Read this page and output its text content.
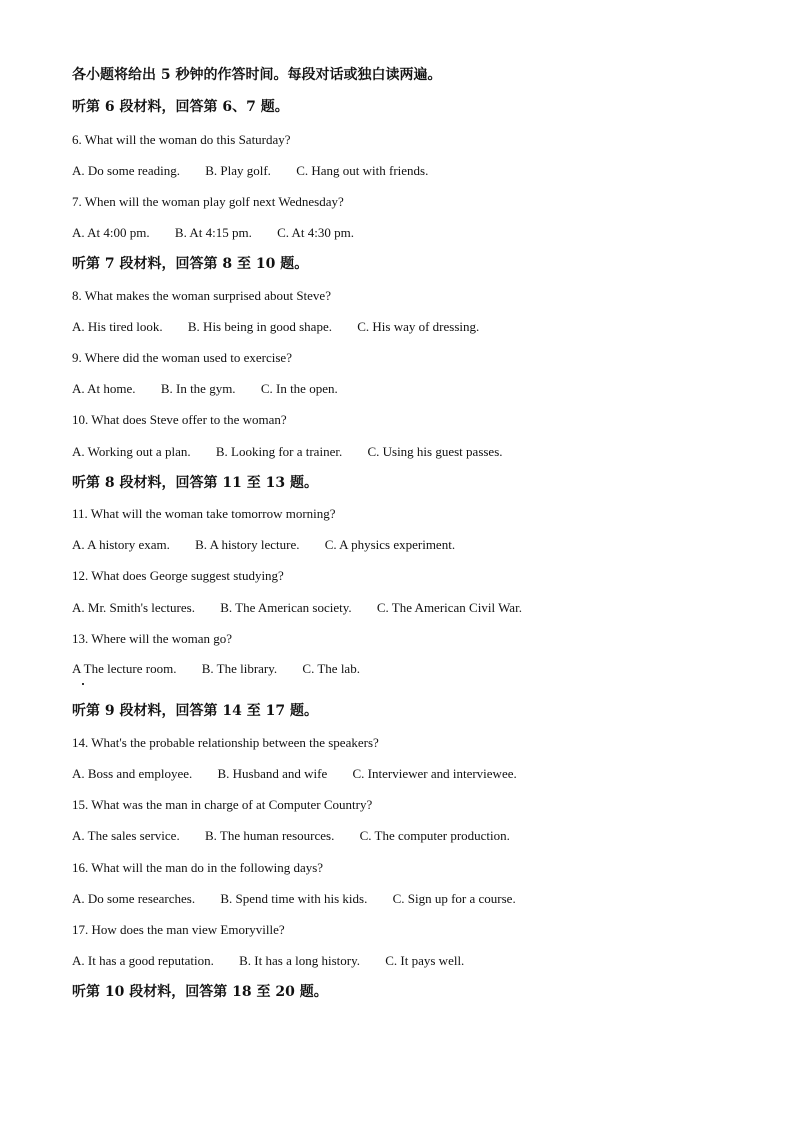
各小题将给出 5 秒钟的作答时间。每段对话或独白读两遍。
听第 6 段材料，回答第 6、7 题。
6. What will the woman do this Saturday?
A. Do some reading. B. Play golf. C. Hang out with friends.
7. When will the woman play golf next Wednesday?
A. At 4:00 pm. B. At 4:15 pm. C. At 4:30 pm.
听第 7 段材料，回答第 8 至 10 题。
8. What makes the woman surprised about Steve?
A. His tired look. B. His being in good shape. C. His way of dressing.
9. Where did the woman used to exercise?
A. At home. B. In the gym. C. In the open.
10. What does Steve offer to the woman?
A. Working out a plan. B. Looking for a trainer. C. Using his guest passes.
听第 8 段材料，回答第 11 至 13 题。
11. What will the woman take tomorrow morning?
A. A history exam. B. A history lecture. C. A physics experiment.
12. What does George suggest studying?
A. Mr. Smith's lectures. B. The American society. C. The American Civil War.
13. Where will the woman go?
A The lecture room. B. The library. C. The lab.
听第 9 段材料，回答第 14 至 17 题。
14. What's the probable relationship between the speakers?
A. Boss and employee. B. Husband and wife C. Interviewer and interviewee.
15. What was the man in charge of at Computer Country?
A. The sales service. B. The human resources. C. The computer production.
16. What will the man do in the following days?
A. Do some researches. B. Spend time with his kids. C. Sign up for a course.
17. How does the man view Emoryville?
A. It has a good reputation. B. It has a long history. C. It pays well.
听第 10 段材料，回答第 18 至 20 题。
